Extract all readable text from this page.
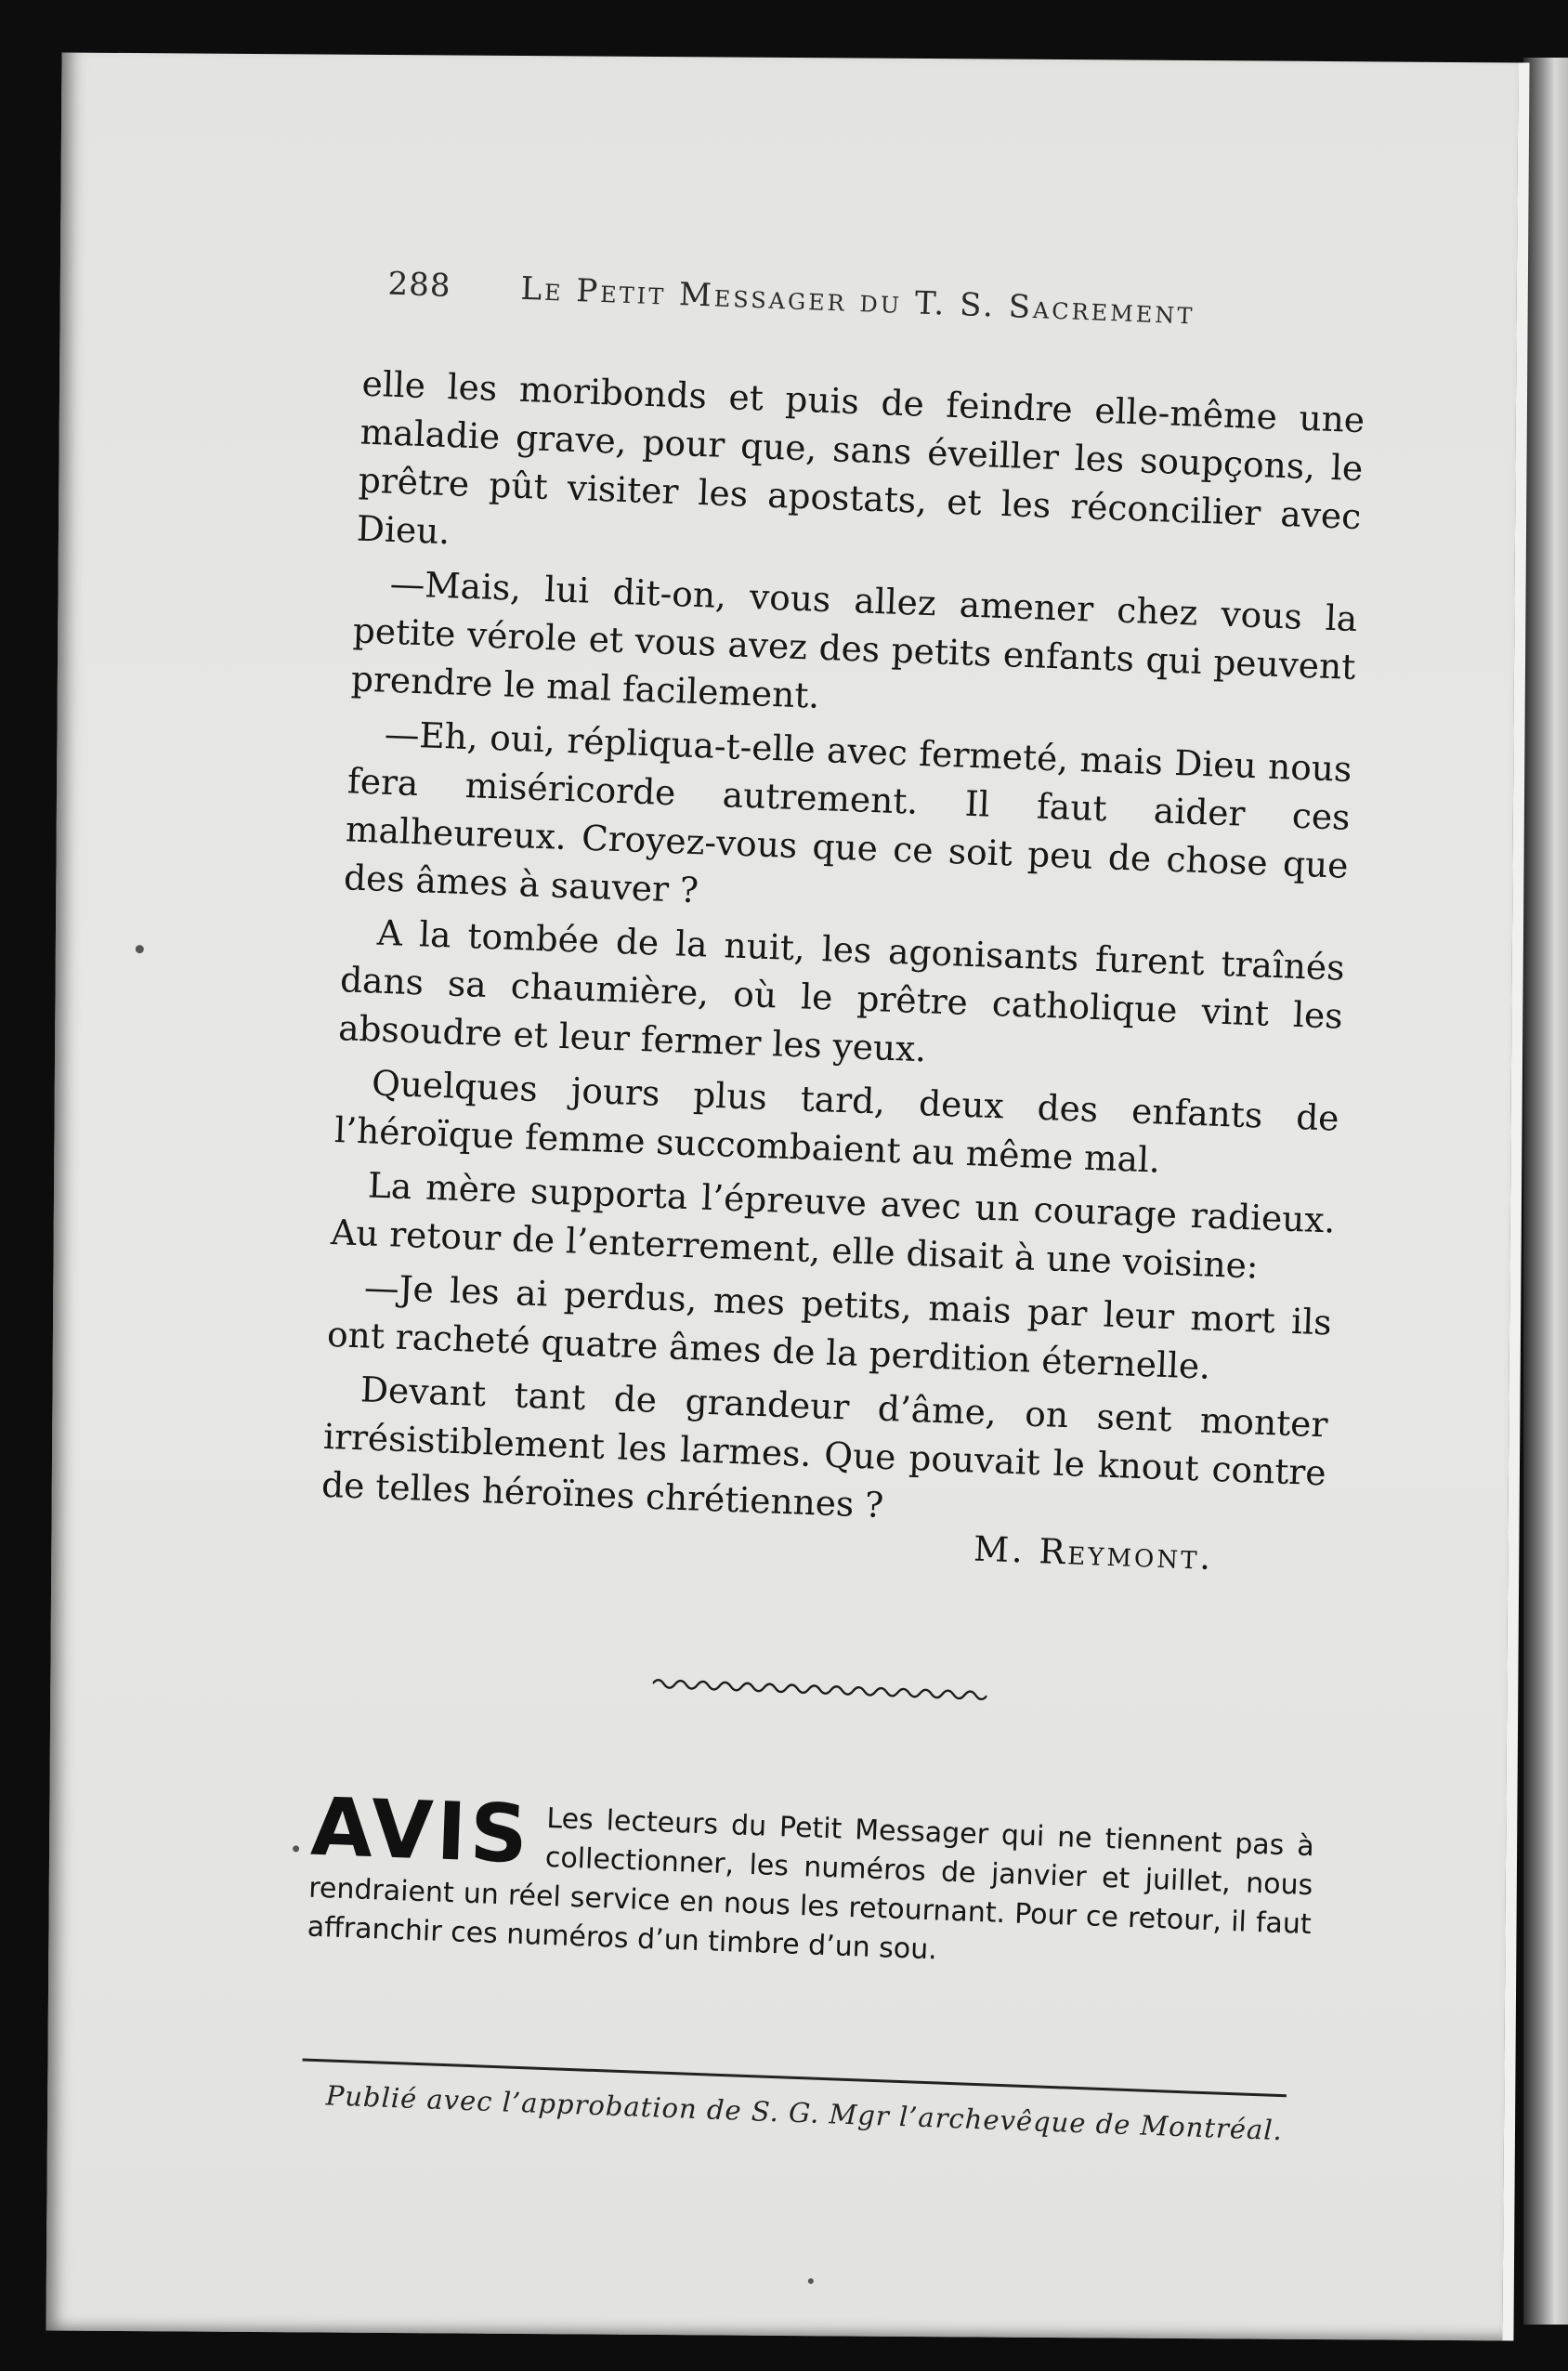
288 Le Petit Messager du T. S. Sacrement

elle les moribonds et puis de feindre elle-même une maladie grave, pour que, sans éveiller les soupçons, le prêtre pût visiter les apostats, et les réconcilier avec Dieu.

—Mais, lui dit-on, vous allez amener chez vous la petite vérole et vous avez des petits enfants qui peuvent prendre le mal facilement.

—Eh, oui, répliqua-t-elle avec fermeté, mais Dieu nous fera miséricorde autrement. Il faut aider ces malheureux. Croyez-vous que ce soit peu de chose que des âmes à sauver ?

A la tombée de la nuit, les agonisants furent traînés dans sa chaumière, où le prêtre catholique vint les absoudre et leur fermer les yeux.

Quelques jours plus tard, deux des enfants de l’héroïque femme succombaient au même mal.

La mère supporta l’épreuve avec un courage radieux. Au retour de l’enterrement, elle disait à une voisine:

—Je les ai perdus, mes petits, mais par leur mort ils ont racheté quatre âmes de la perdition éternelle.

Devant tant de grandeur d’âme, on sent monter irrésistiblement les larmes. Que pouvait le knout contre de telles héroïnes chrétiennes ?

M. Reymont.
AVIS Les lecteurs du Petit Messager qui ne tiennent pas à collectionner, les numéros de janvier et juillet, nous rendraient un réel service en nous les retournant. Pour ce retour, il faut affranchir ces numéros d’un timbre d’un sou.
Publié avec l’approbation de S. G. Mgr l’archevêque de Montréal.
